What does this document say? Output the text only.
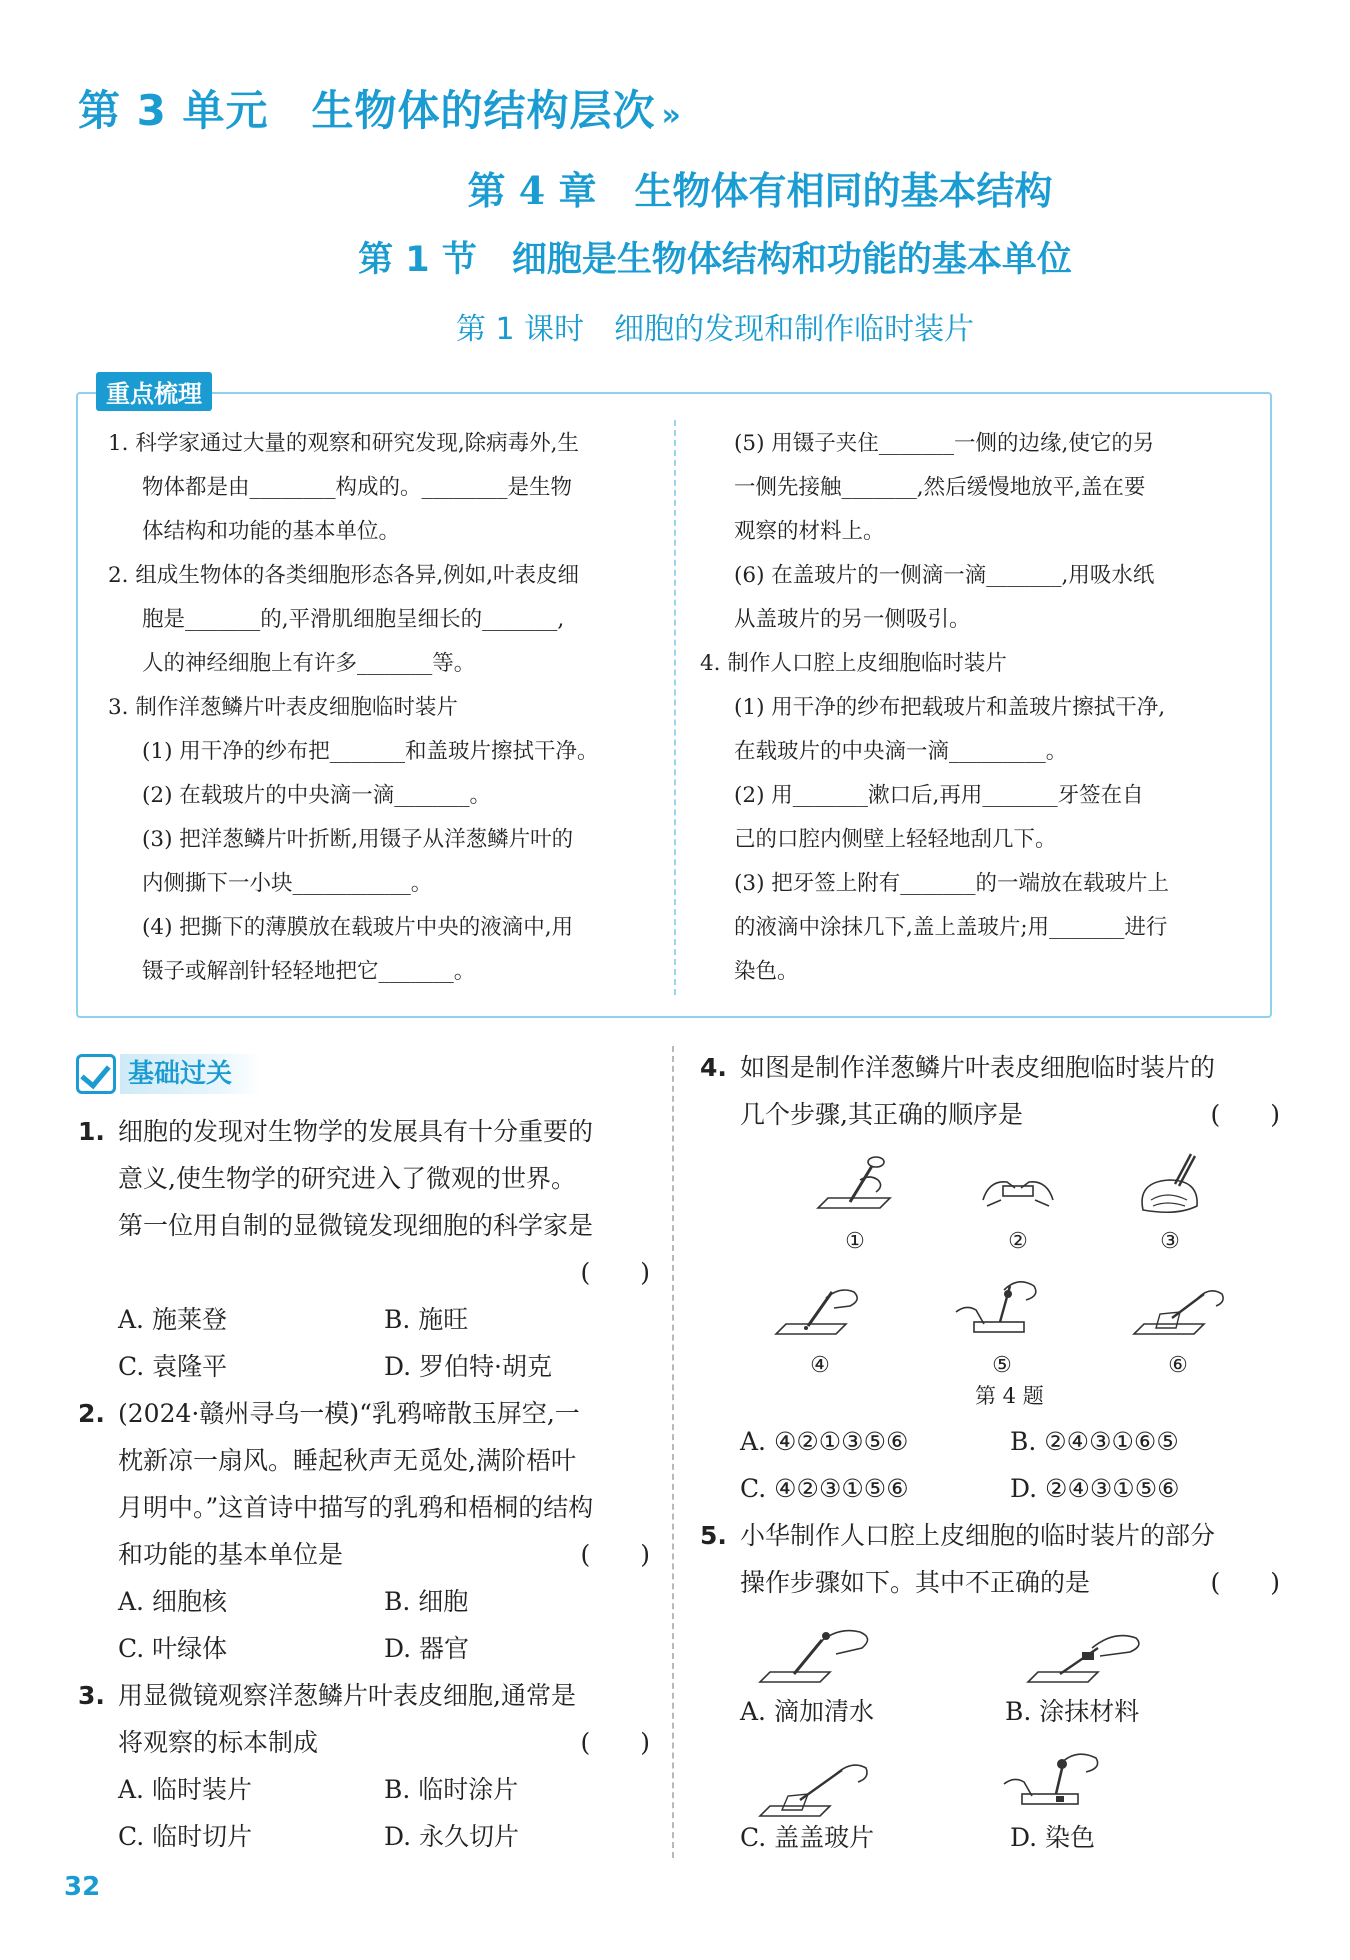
第 3 单元　生物体的结构层次 »
第 4 章　生物体有相同的基本结构
第 1 节　细胞是生物体结构和功能的基本单位
第 1 课时　细胞的发现和制作临时装片
重点梳理
1. 科学家通过大量的观察和研究发现,除病毒外,生
物体都是由________构成的。________是生物
体结构和功能的基本单位。
2. 组成生物体的各类细胞形态各异,例如,叶表皮细
胞是_______的,平滑肌细胞呈细长的_______,
人的神经细胞上有许多_______等。
3. 制作洋葱鳞片叶表皮细胞临时装片
(1) 用干净的纱布把_______和盖玻片擦拭干净。
(2) 在载玻片的中央滴一滴_______。
(3) 把洋葱鳞片叶折断,用镊子从洋葱鳞片叶的
内侧撕下一小块___________。
(4) 把撕下的薄膜放在载玻片中央的液滴中,用
镊子或解剖针轻轻地把它_______。
(5) 用镊子夹住_______一侧的边缘,使它的另
一侧先接触_______,然后缓慢地放平,盖在要
观察的材料上。
(6) 在盖玻片的一侧滴一滴_______,用吸水纸
从盖玻片的另一侧吸引。
4. 制作人口腔上皮细胞临时装片
(1) 用干净的纱布把载玻片和盖玻片擦拭干净,
在载玻片的中央滴一滴_________。
(2) 用_______漱口后,再用_______牙签在自
己的口腔内侧壁上轻轻地刮几下。
(3) 把牙签上附有_______的一端放在载玻片上
的液滴中涂抹几下,盖上盖玻片;用_______进行
染色。
基础过关
1. 细胞的发现对生物学的发展具有十分重要的
意义,使生物学的研究进入了微观的世界。
第一位用自制的显微镜发现细胞的科学家是
(　　)
A. 施莱登	B. 施旺
C. 袁隆平	D. 罗伯特·胡克
2. (2024·赣州寻乌一模)“乳鸦啼散玉屏空,一
枕新凉一扇风。睡起秋声无觅处,满阶梧叶
月明中。”这首诗中描写的乳鸦和梧桐的结构
和功能的基本单位是	(　　)
A. 细胞核	B. 细胞
C. 叶绿体	D. 器官
3. 用显微镜观察洋葱鳞片叶表皮细胞,通常是
将观察的标本制成	(　　)
A. 临时装片	B. 临时涂片
C. 临时切片	D. 永久切片
4. 如图是制作洋葱鳞片叶表皮细胞临时装片的
几个步骤,其正确的顺序是	(　　)
①	②	③
④	⑤	⑥
第 4 题
A. ④②①③⑤⑥	B. ②④③①⑥⑤
C. ④②③①⑤⑥	D. ②④③①⑤⑥
5. 小华制作人口腔上皮细胞的临时装片的部分
操作步骤如下。其中不正确的是	(　　)
A. 滴加清水	B. 涂抹材料
C. 盖盖玻片	D. 染色
32
